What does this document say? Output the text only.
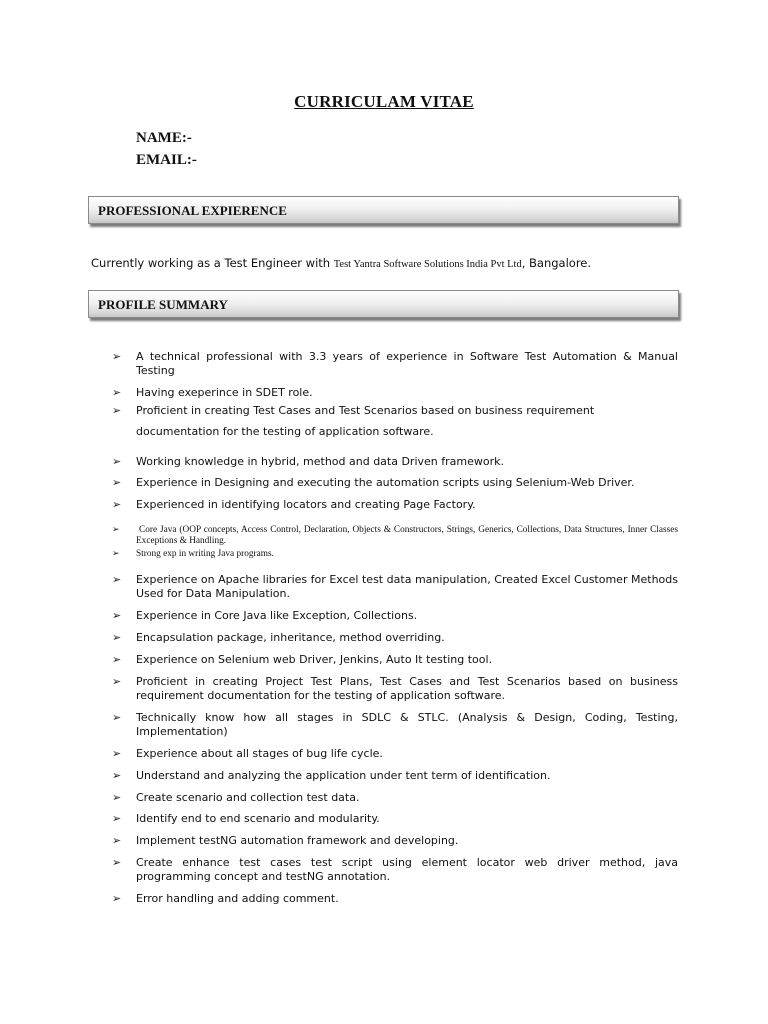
CURRICULAM VITAE
NAME:-
EMAIL:-
PROFESSIONAL EXPIERENCE
Currently working as a Test Engineer with Test Yantra Software Solutions India Pvt Ltd, Bangalore.
PROFILE SUMMARY
➢ A technical professional with 3.3 years of experience in Software Test Automation & Manual Testing
➢ Having exeperince in SDET role.
➢ Proficient in creating Test Cases and Test Scenarios based on business requirement
documentation for the testing of application software.
➢ Working knowledge in hybrid, method and data Driven framework.
➢ Experience in Designing and executing the automation scripts using Selenium-Web Driver.
➢ Experienced in identifying locators and creating Page Factory.
➢	Core Java (OOP concepts, Access Control, Declaration, Objects & Constructors, Strings, Generics, Collections, Data Structures, Inner Classes Exceptions & Handling.
➢ Strong exp in writing Java programs.
➢ Experience on Apache libraries for Excel test data manipulation, Created Excel Customer Methods Used for Data Manipulation.
➢ Experience in Core Java like Exception, Collections.
➢ Encapsulation package, inheritance, method overriding.
➢ Experience on Selenium web Driver, Jenkins, Auto It testing tool.
➢ Proficient in creating Project Test Plans, Test Cases and Test Scenarios based on business requirement documentation for the testing of application software.
➢ Technically know how all stages in SDLC & STLC. (Analysis & Design, Coding, Testing, Implementation)
➢ Experience about all stages of bug life cycle.
➢ Understand and analyzing the application under tent term of identification.
➢ Create scenario and collection test data.
➢ Identify end to end scenario and modularity.
➢ Implement testNG automation framework and developing.
➢ Create enhance test cases test script using element locator web driver method, java programming concept and testNG annotation.
➢ Error handling and adding comment.
